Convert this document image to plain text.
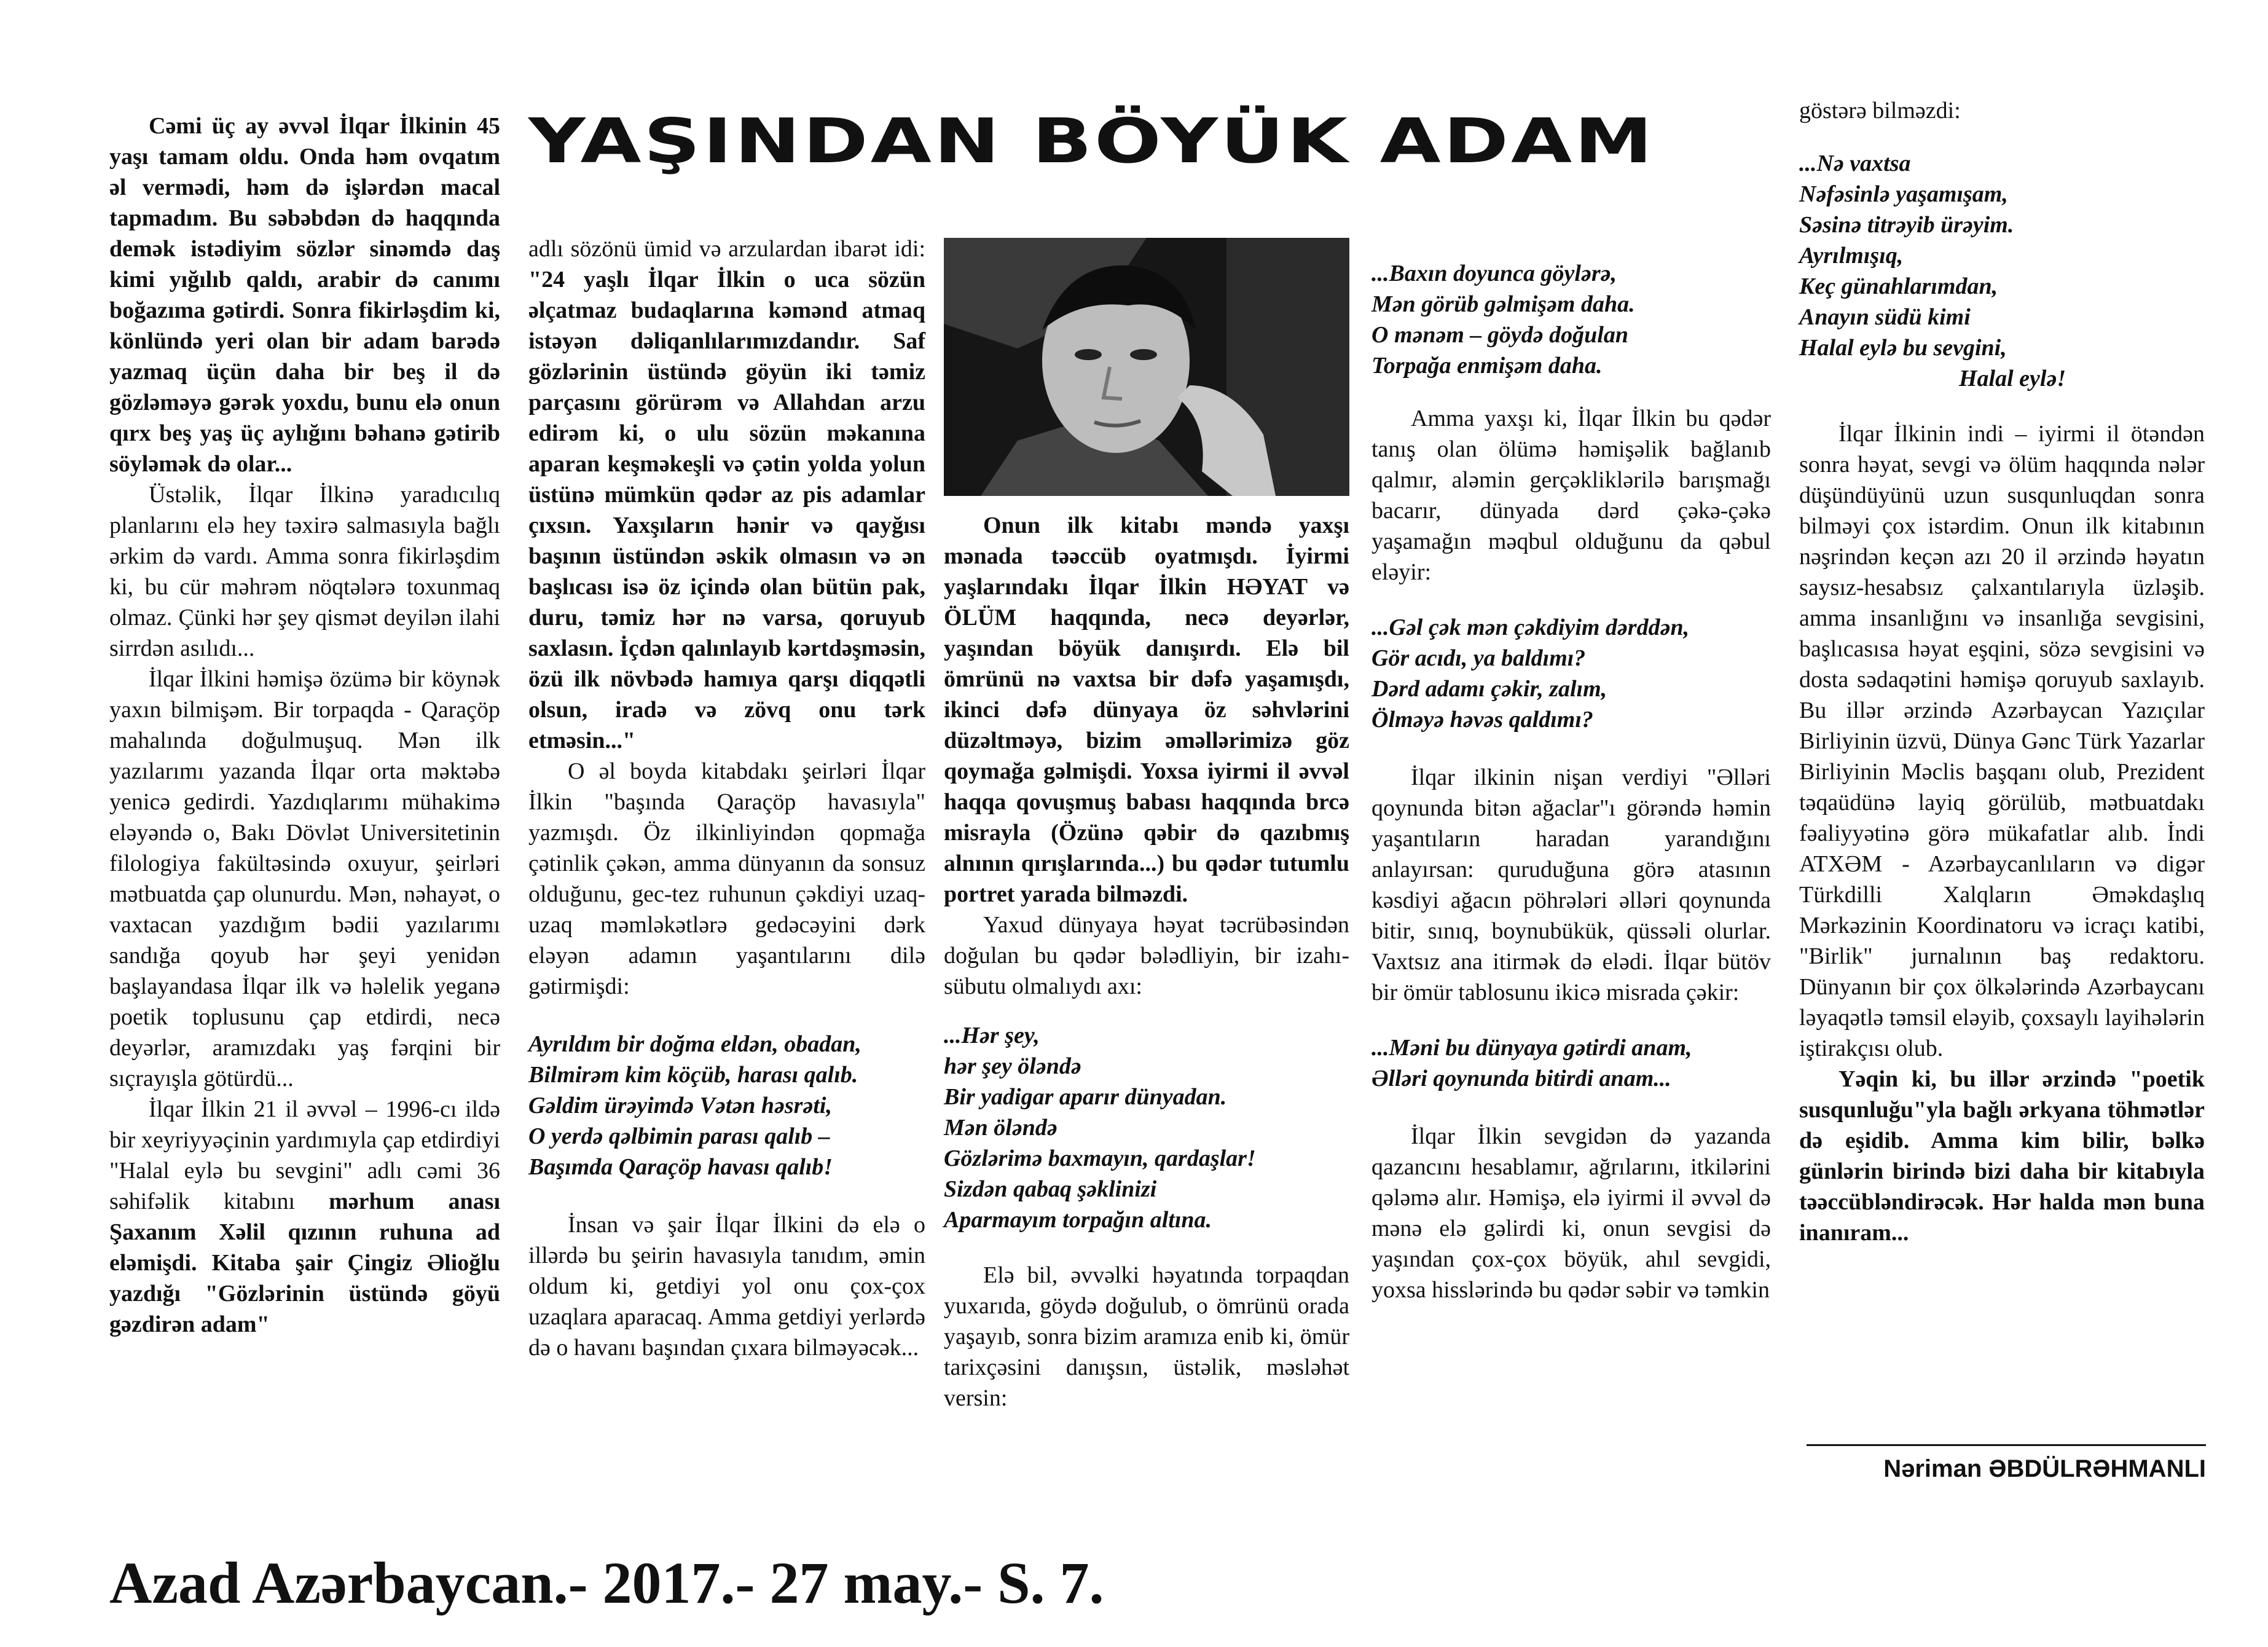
YAŞINDAN BÖYÜK ADAM

Cəmi üç ay əvvəl İlqar İlkinin 45 yaşı tamam oldu. Onda həm ovqatım əl vermədi, həm də işlərdən macal tapmadım. Bu səbəbdən də haqqında demək istədiyim sözlər sinəmdə daş kimi yığılıb qaldı, arabir də canımı boğazıma gətirdi. Sonra fikirləşdim ki, könlündə yeri olan bir adam barədə yazmaq üçün daha bir beş il də gözləməyə gərək yoxdu, bunu elə onun qırx beş yaş üç aylığını bəhanə gətirib söyləmək də olar...

Üstəlik, İlqar İlkinə yaradıcılıq planlarını elə hey təxirə salmasıyla bağlı ərkim də vardı. Amma sonra fikirləşdim ki, bu cür məhrəm nöqtələrə toxunmaq olmaz. Çünki hər şey qismət deyilən ilahi sirrdən asılıdı...

İlqar İlkini həmişə özümə bir köynək yaxın bilmişəm. Bir torpaqda - Qaraçöp mahalında doğulmuşuq. Mən ilk yazılarımı yazanda İlqar orta məktəbə yenicə gedirdi. Yazdıqlarımı mühakimə eləyəndə o, Bakı Dövlət Universitetinin filologiya fakültəsində oxuyur, şeirləri mətbuatda çap olunurdu. Mən, nəhayət, o vaxtacan yazdığım bədii yazılarımı sandığa qoyub hər şeyi yenidən başlayandasa İlqar ilk və həlelik yeganə poetik toplusunu çap etdirdi, necə deyərlər, aramızdakı yaş fərqini bir sıçrayışla götürdü...

İlqar İlkin 21 il əvvəl – 1996-cı ildə bir xeyriyyəçinin yardımıyla çap etdirdiyi "Halal eylə bu sevgini" adlı cəmi 36 səhifəlik kitabını mərhum anası Şaxanım Xəlil qızının ruhuna ad eləmişdi. Kitaba şair Çingiz Əlioğlu yazdığı "Gözlərinin üstündə göyü gəzdirən adam"

adlı sözönü ümid və arzulardan ibarət idi: "24 yaşlı İlqar İlkin o uca sözün əlçatmaz budaqlarına kəmənd atmaq istəyən dəliqanlılarımızdandır. Saf gözlərinin üstündə göyün iki təmiz parçasını görürəm və Allahdan arzu edirəm ki, o ulu sözün məkanına aparan keşməkeşli və çətin yolda yolun üstünə mümkün qədər az pis adamlar çıxsın. Yaxşıların hənir və qayğısı başının üstündən əskik olmasın və ən başlıcası isə öz içində olan bütün pak, duru, təmiz hər nə varsa, qoruyub saxlasın. İçdən qalınlayıb kərtdəşməsin, özü ilk növbədə hamıya qarşı diqqətli olsun, iradə və zövq onu tərk etməsin..."

O əl boyda kitabdakı şeirləri İlqar İlkin "başında Qaraçöp havasıyla" yazmışdı. Öz ilkinliyindən qopmağa çətinlik çəkən, amma dünyanın da sonsuz olduğunu, gec-tez ruhunun çəkdiyi uzaq-uzaq məmləkətlərə gedəcəyini dərk eləyən adamın yaşantılarını dilə gətirmişdi:

Ayrıldım bir doğma eldən, obadan,
Bilmirəm kim köçüb, harası qalıb.
Gəldim ürəyimdə Vətən həsrəti,
O yerdə qəlbimin parası qalıb –
Başımda Qaraçöp havası qalıb!

İnsan və şair İlqar İlkini də elə o illərdə bu şeirin havasıyla tanıdım, əmin oldum ki, getdiyi yol onu çox-çox uzaqlara aparacaq. Amma getdiyi yerlərdə də o havanı başından çıxara bilməyəcək...

Onun ilk kitabı məndə yaxşı mənada təəccüb oyatmışdı. İyirmi yaşlarındakı İlqar İlkin HƏYAT və ÖLÜM haqqında, necə deyərlər, yaşından böyük danışırdı. Elə bil ömrünü nə vaxtsa bir dəfə yaşamışdı, ikinci dəfə dünyaya öz səhvlərini düzəltməyə, bizim əməllərimizə göz qoymağa gəlmişdi. Yoxsa iyirmi il əvvəl haqqa qovuşmuş babası haqqında brcə misrayla (Özünə qəbir də qazıbmış alnının qırışlarında...) bu qədər tutumlu portret yarada bilməzdi.

Yaxud dünyaya həyat təcrübəsindən doğulan bu qədər bələdliyin, bir izahı-sübutu olmalıydı axı:

...Hər şey,
hər şey öləndə
Bir yadigar aparır dünyadan.
Mən öləndə
Gözlərimə baxmayın, qardaşlar!
Sizdən qabaq şəklinizi
Aparmayım torpağın altına.

Elə bil, əvvəlki həyatında torpaqdan yuxarıda, göydə doğulub, o ömrünü orada yaşayıb, sonra bizim aramıza enib ki, ömür tarixçəsini danışsın, üstəlik, məsləhət versin:

...Baxın doyunca göylərə,
Mən görüb gəlmişəm daha.
O mənəm – göydə doğulan
Torpağa enmişəm daha.

Amma yaxşı ki, İlqar İlkin bu qədər tanış olan ölümə həmişəlik bağlanıb qalmır, aləmin gerçəkliklərilə barışmağı bacarır, dünyada dərd çəkə-çəkə yaşamağın məqbul olduğunu da qəbul eləyir:

...Gəl çək mən çəkdiyim dərddən,
Gör acıdı, ya baldımı?
Dərd adamı çəkir, zalım,
Ölməyə həvəs qaldımı?

İlqar ilkinin nişan verdiyi "Əlləri qoynunda bitən ağaclar"ı görəndə həmin yaşantıların haradan yarandığını anlayırsan: quruduğuna görə atasının kəsdiyi ağacın pöhrələri əlləri qoynunda bitir, sınıq, boynubükük, qüssəli olurlar. Vaxtsız ana itirmək də elədi. İlqar bütöv bir ömür tablosunu ikicə misrada çəkir:

...Məni bu dünyaya gətirdi anam,
Əlləri qoynunda bitirdi anam...

İlqar İlkin sevgidən də yazanda qazancını hesablamır, ağrılarını, itkilərini qələmə alır. Həmişə, elə iyirmi il əvvəl də mənə elə gəlirdi ki, onun sevgisi də yaşından çox-çox böyük, ahıl sevgidi, yoxsa hisslərində bu qədər səbir və təmkin

göstərə bilməzdi:

...Nə vaxtsa
Nəfəsinlə yaşamışam,
Səsinə titrəyib ürəyim.
Ayrılmışıq,
Keç günahlarımdan,
Anayın südü kimi
Halal eylə bu sevgini,
Halal eylə!

İlqar İlkinin indi – iyirmi il ötəndən sonra həyat, sevgi və ölüm haqqında nələr düşündüyünü uzun susqunluqdan sonra bilməyi çox istərdim. Onun ilk kitabının nəşrindən keçən azı 20 il ərzində həyatın saysız-hesabsız çalxantılarıyla üzləşib. amma insanlığını və insanlığa sevgisini, başlıcasısa həyat eşqini, sözə sevgisini və dosta sədaqətini həmişə qoruyub saxlayıb. Bu illər ərzində Azərbaycan Yazıçılar Birliyinin üzvü, Dünya Gənc Türk Yazarlar Birliyinin Məclis başqanı olub, Prezident təqaüdünə layiq görülüb, mətbuatdakı fəaliyyətinə görə mükafatlar alıb. İndi ATXƏM - Azərbaycanlıların və digər Türkdilli Xalqların Əməkdaşlıq Mərkəzinin Koordinatoru və icraçı katibi, "Birlik" jurnalının baş redaktoru. Dünyanın bir çox ölkələrində Azərbaycanı ləyaqətlə təmsil eləyib, çoxsaylı layihələrin iştirakçısı olub.

Yəqin ki, bu illər ərzində "poetik susqunluğu"yla bağlı ərkyana töhmətlər də eşidib. Amma kim bilir, bəlkə günlərin birində bizi daha bir kitabıyla təəccübləndirəcək. Hər halda mən buna inanıram...

Nəriman ƏBDÜLRƏHMANLI
Azad Azərbaycan.- 2017.- 27 may.- S. 7.
